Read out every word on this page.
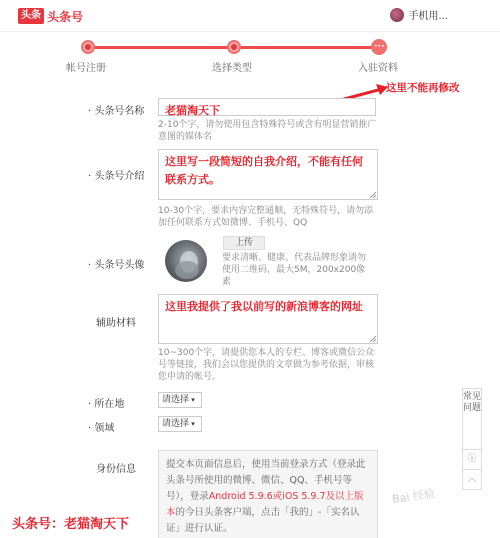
头条 头条号	手机用...
•••
帐号注册	选择类型	入驻资料
这里不能再修改
· 头条号名称	老猫淘天下
2-10个字，请勿使用包含特殊符号或含有明显营销推广意图的媒体名
· 头条号介绍
这里写一段简短的自我介绍，不能有任何联系方式。
10-30个字，要求内容完整通顺，无特殊符号，请勿添加任何联系方式如微博、手机号、QQ
· 头条号头像
上传
要求清晰、健康、代表品牌形象请勿使用二维码，最大5M，200x200像素
辅助材料
这里我提供了我以前写的新浪博客的网址
10~300个字，请提供您本人的专栏、博客或微信公众号等链接，我们会以您提供的文章做为参考依据，审核您申请的帐号。
· 所在地	请选择 ▾
· 领域	请选择 ▾
身份信息	提交本页面信息后，使用当前登录方式（登录此头条号所使用的微博、微信、QQ、手机号等号），登录Android 5.9.6或iOS 5.9.7及以上版本的今日头条客户端，点击「我的」-「实名认证」进行认证。
常见问题
ⓘ
︿
Bai 经验
头条号：老猫淘天下
